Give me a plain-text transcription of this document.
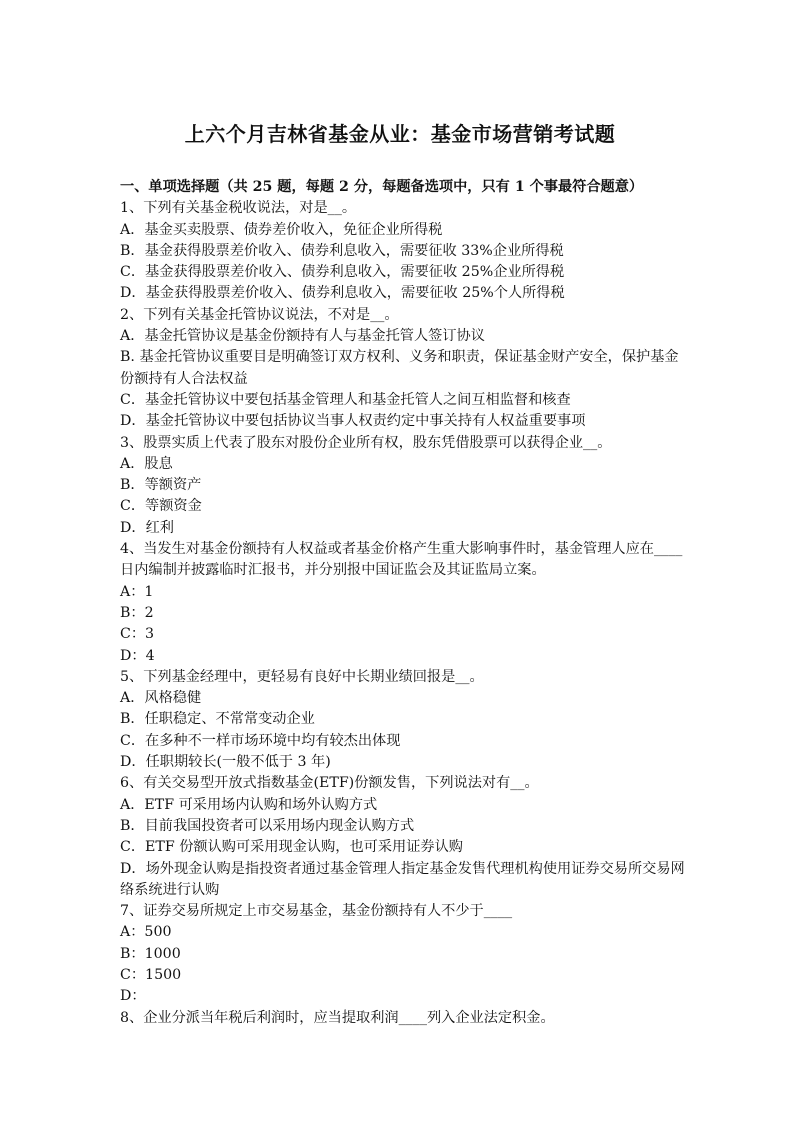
上六个月吉林省基金从业：基金市场营销考试题
一、单项选择题（共 25 题，每题 2 分，每题备选项中，只有 1 个事最符合题意）
1、下列有关基金税收说法，对是__。
A．基金买卖股票、债券差价收入，免征企业所得税
B．基金获得股票差价收入、债券利息收入，需要征收 33%企业所得税
C．基金获得股票差价收入、债券利息收入，需要征收 25%企业所得税
D．基金获得股票差价收入、债券利息收入，需要征收 25%个人所得税
2、下列有关基金托管协议说法，不对是__。
A．基金托管协议是基金份额持有人与基金托管人签订协议
B. 基金托管协议重要目是明确签订双方权利、义务和职责，保证基金财产安全，保护基金份额持有人合法权益
C．基金托管协议中要包括基金管理人和基金托管人之间互相监督和核查
D．基金托管协议中要包括协议当事人权责约定中事关持有人权益重要事项
3、股票实质上代表了股东对股份企业所有权，股东凭借股票可以获得企业__。
A．股息
B．等额资产
C．等额资金
D．红利
4、当发生对基金份额持有人权益或者基金价格产生重大影响事件时，基金管理人应在____日内编制并披露临时汇报书，并分别报中国证监会及其证监局立案。
A：1
B：2
C：3
D：4
5、下列基金经理中，更轻易有良好中长期业绩回报是__。
A．风格稳健
B．任职稳定、不常常变动企业
C．在多种不一样市场环境中均有较杰出体现
D．任职期较长(一般不低于 3 年)
6、有关交易型开放式指数基金(ETF)份额发售，下列说法对有__。
A．ETF 可采用场内认购和场外认购方式
B．目前我国投资者可以采用场内现金认购方式
C．ETF 份额认购可采用现金认购，也可采用证券认购
D．场外现金认购是指投资者通过基金管理人指定基金发售代理机构使用证券交易所交易网络系统进行认购
7、证券交易所规定上市交易基金，基金份额持有人不少于____
A：500
B：1000
C：1500
D：
8、企业分派当年税后利润时，应当提取利润____列入企业法定积金。
